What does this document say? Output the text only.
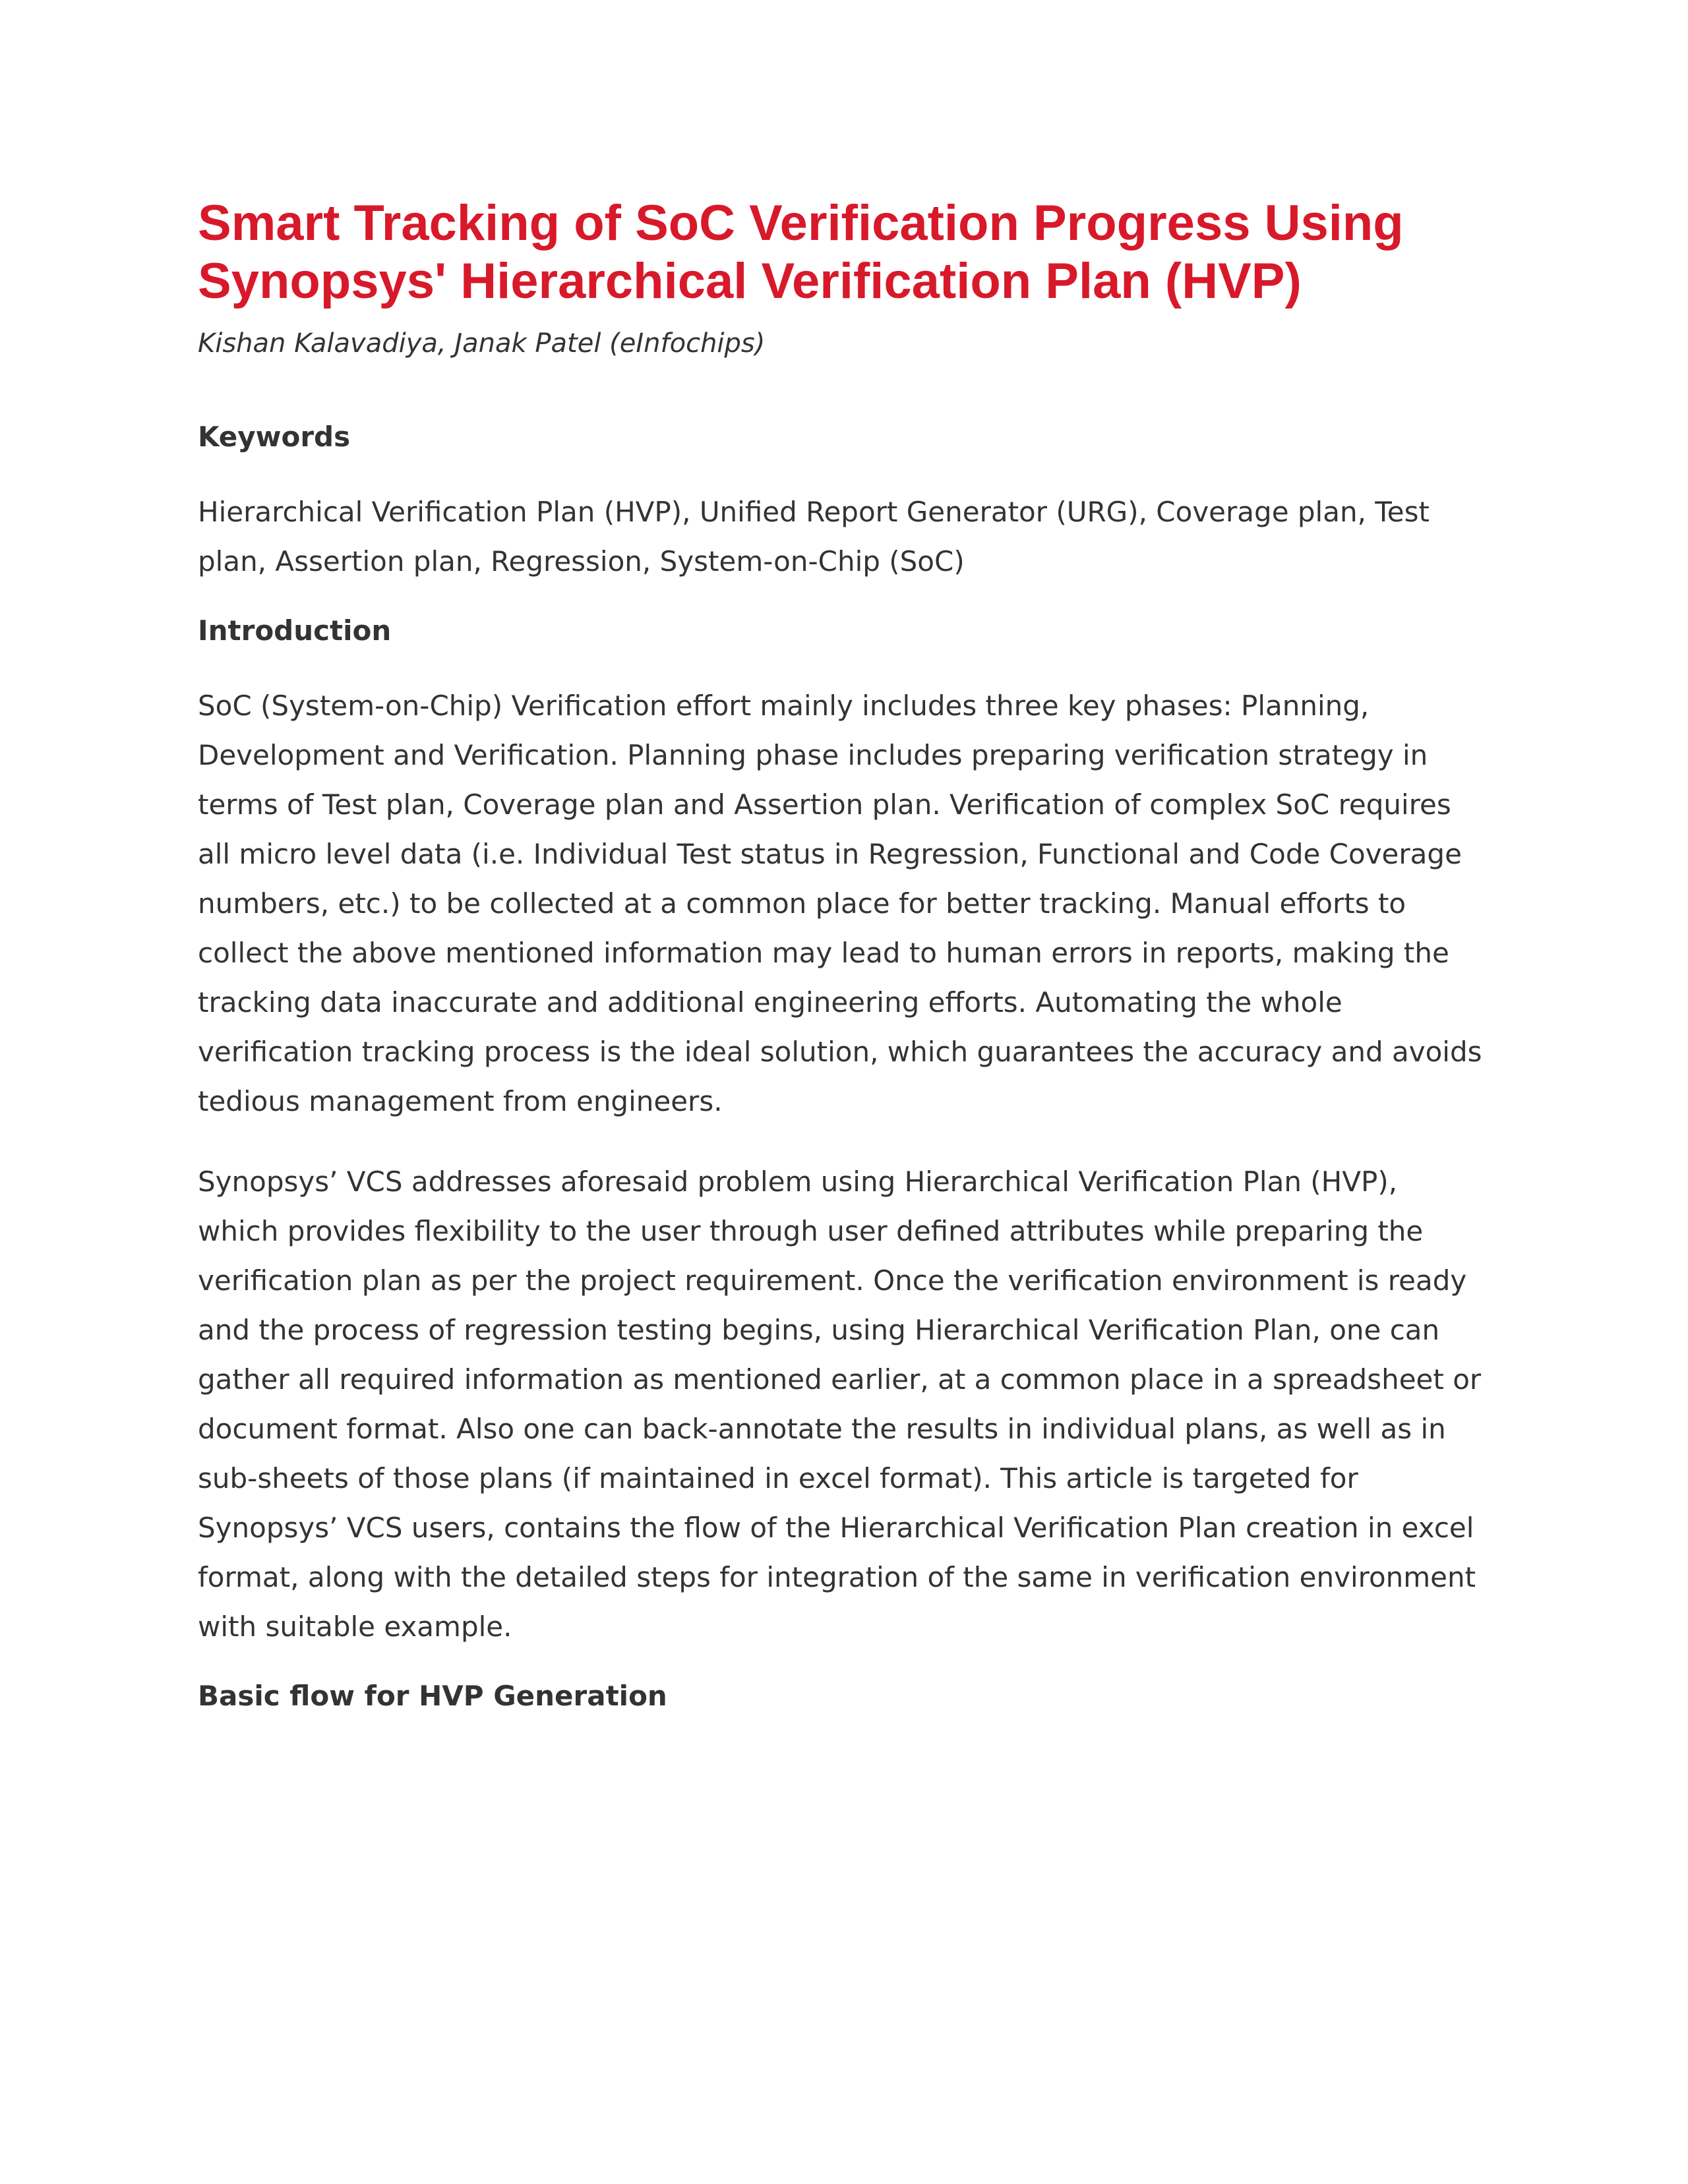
Smart Tracking of SoC Verification Progress Using
Synopsys' Hierarchical Verification Plan (HVP)

Kishan Kalavadiya, Janak Patel (eInfochips)

Keywords

Hierarchical Verification Plan (HVP), Unified Report Generator (URG), Coverage plan, Test
plan, Assertion plan, Regression, System-on-Chip (SoC)

Introduction

SoC (System-on-Chip) Verification effort mainly includes three key phases: Planning,
Development and Verification. Planning phase includes preparing verification strategy in
terms of Test plan, Coverage plan and Assertion plan. Verification of complex SoC requires
all micro level data (i.e. Individual Test status in Regression, Functional and Code Coverage
numbers, etc.) to be collected at a common place for better tracking. Manual efforts to
collect the above mentioned information may lead to human errors in reports, making the
tracking data inaccurate and additional engineering efforts. Automating the whole
verification tracking process is the ideal solution, which guarantees the accuracy and avoids
tedious management from engineers.

Synopsys’ VCS addresses aforesaid problem using Hierarchical Verification Plan (HVP),
which provides flexibility to the user through user defined attributes while preparing the
verification plan as per the project requirement. Once the verification environment is ready
and the process of regression testing begins, using Hierarchical Verification Plan, one can
gather all required information as mentioned earlier, at a common place in a spreadsheet or
document format. Also one can back-annotate the results in individual plans, as well as in
sub-sheets of those plans (if maintained in excel format). This article is targeted for
Synopsys’ VCS users, contains the flow of the Hierarchical Verification Plan creation in excel
format, along with the detailed steps for integration of the same in verification environment
with suitable example.

Basic flow for HVP Generation
